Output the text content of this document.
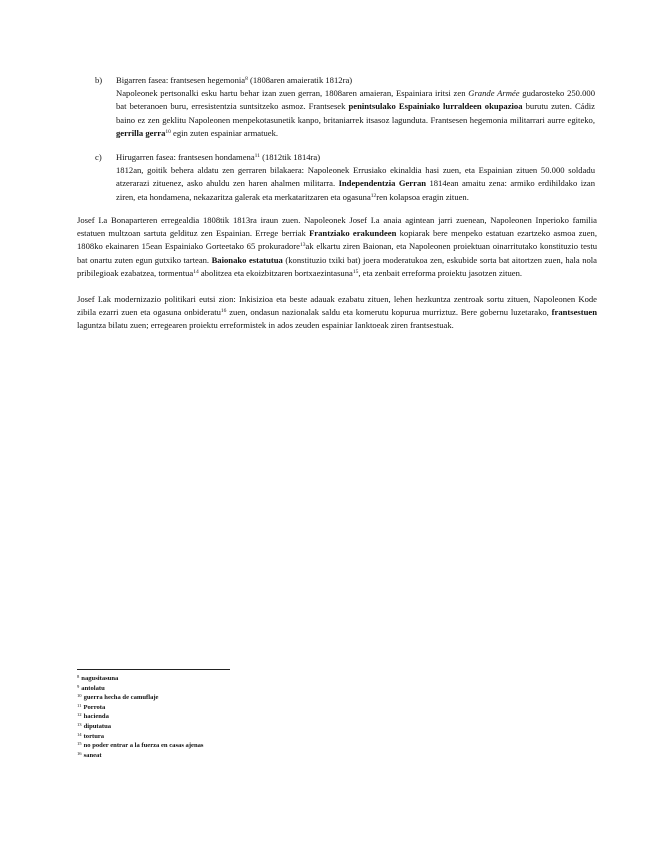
b) Bigarren fasea: frantsesen hegemonia$^8$ (1808aren amaieratik 1812ra)
Napoleonek pertsonalki esku hartu behar izan zuen gerran, 1808aren amaieran, Espainiara iritsi zen Grande Armée gudarosteko 250.000 bat beteranoen buru, erresistentzia suntsitzeko asmoz. Frantsesek penintsulako Espainiako lurraldeen okupazioa burutu zuten. Cádiz baino ez zen geklitu Napoleonen menpekotasunetik kanpo, britaniarrek itsasoz lagunduta. Frantsesen hegemonia militarrari aurre egiteko, gerrilla gerra$^{10}$ egin zuten espainiar armatuek.
c) Hirugarren fasea: frantsesen hondamena$^{11}$ (1812tik 1814ra)
1812an, goitik behera aldatu zen gerraren bilakaera: Napoleonek Errusiako ekinaldia hasi zuen, eta Espainian zituen 50.000 soldadu atzerarazi zituenez, asko ahuldu zen haren ahalmen militarra. Independentzia Gerran 1814ean amaitu zena: armiko erdihildako izan ziren, eta hondamena, nekazaritza galerak eta merkataritzaren eta ogasuna$^{12}$ren kolapsoa eragin zituen.
Josef I.a Bonaparteren erregealdia 1808tik 1813ra iraun zuen. Napoleonek Josef I.a anaia agintean jarri zuenean, Napoleonen Inperioko familia estatuen multzoan sartuta geldituz zen Espainian. Errege berriak Frantziako erakundeen kopiarak bere menpeko estatuan ezartzeko asmoa zuen, 1808ko ekainaren 15ean Espainiako Gorteetako 65 prokuradore$^{13}$ak elkartu ziren Baionan, eta Napoleonen proiektuan oinarritutako konstituzio testu bat onartu zuten egun gutxiko tartean. Baionako estatutua (konstituzio txiki bat) joera moderatukoa zen, eskubide sorta bat aitortzen zuen, hala nola pribilegioak ezabatzea, tormentua$^{14}$ abolitzea eta ekoizbitzaren bortxaezintasuna$^{15}$, eta zenbait erreforma proiektu jasotzen zituen.
Josef I.ak modernizazio politikari eutsi zion: Inkisizioa eta beste adauak ezabatu zituen, lehen hezkuntza zentroak sortu zituen, Napoleonen Kode zibila ezarri zuen eta ogasuna onbideratu$^{16}$ zuen, ondasun nazionalak saldu eta komerutu kopurua murriztuz. Bere gobernu luzetarako, frantsestuen laguntza bilatu zuen; erregearen proiektu erreformistek in ados zeuden espainiar Ianktoeak ziren frantsestuak.
$^8$ nagusitasuna
$^9$ antolatu
$^{10}$ guerra hecha de camuflaje
$^{11}$ Porrota
$^{12}$ hacienda
$^{13}$ diputatua
$^{14}$ tortura
$^{15}$ no poder entrar a la fuerza en casas ajenas
$^{16}$ saneat
